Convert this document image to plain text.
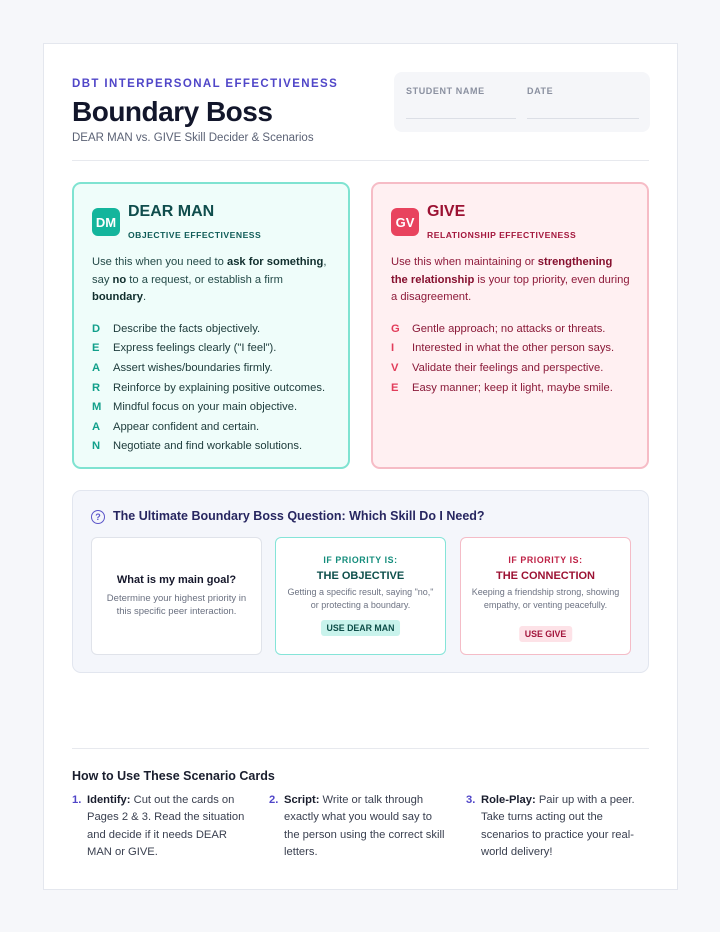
DBT INTERPERSONAL EFFECTIVENESS
Boundary Boss
DEAR MAN vs. GIVE Skill Decider & Scenarios
STUDENT NAME	DATE
DM
DEAR MAN
OBJECTIVE EFFECTIVENESS
Use this when you need to ask for something, say no to a request, or establish a firm boundary.
D	Describe the facts objectively.
E	Express feelings clearly ("I feel").
A	Assert wishes/boundaries firmly.
R	Reinforce by explaining positive outcomes.
M	Mindful focus on your main objective.
A	Appear confident and certain.
N	Negotiate and find workable solutions.
GV
GIVE
RELATIONSHIP EFFECTIVENESS
Use this when maintaining or strengthening the relationship is your top priority, even during a disagreement.
G	Gentle approach; no attacks or threats.
I	Interested in what the other person says.
V	Validate their feelings and perspective.
E	Easy manner; keep it light, maybe smile.
? The Ultimate Boundary Boss Question: Which Skill Do I Need?
What is my main goal?
Determine your highest priority in this specific peer interaction.
IF PRIORITY IS:
THE OBJECTIVE
Getting a specific result, saying "no," or protecting a boundary.
USE DEAR MAN
IF PRIORITY IS:
THE CONNECTION
Keeping a friendship strong, showing empathy, or venting peacefully.
USE GIVE
How to Use These Scenario Cards
1. Identify: Cut out the cards on Pages 2 & 3. Read the situation and decide if it needs DEAR MAN or GIVE.
2. Script: Write or talk through exactly what you would say to the person using the correct skill letters.
3. Role-Play: Pair up with a peer. Take turns acting out the scenarios to practice your real-world delivery!
